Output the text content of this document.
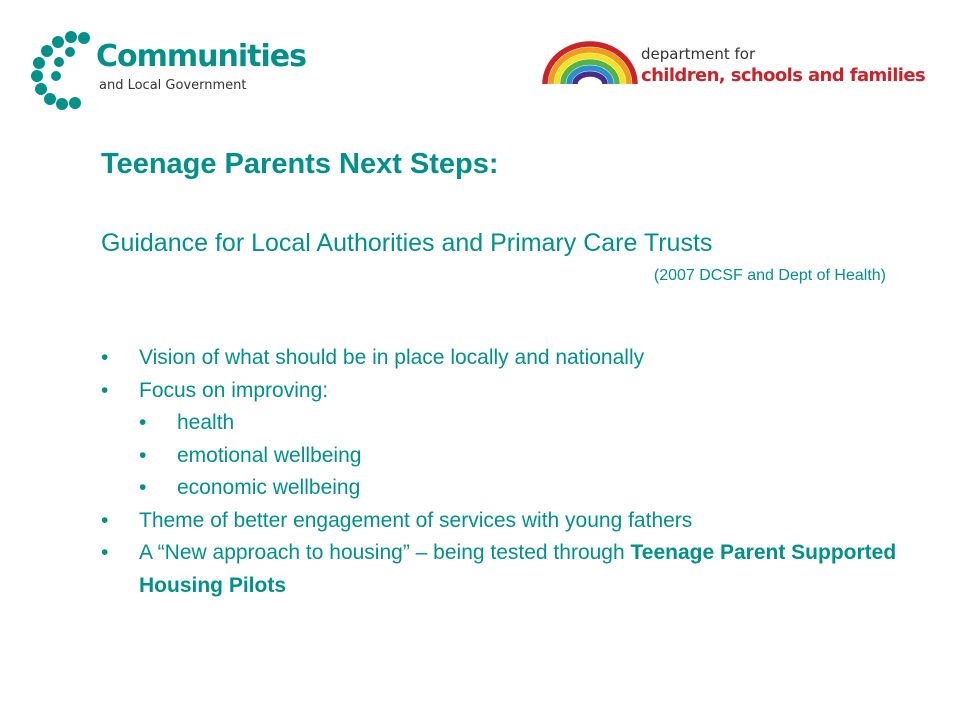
Communities
and Local Government
department for
children, schools and families
Teenage Parents Next Steps:

Guidance for Local Authorities and Primary Care Trusts

(2007 DCSF and Dept of Health)

• Vision of what should be in place locally and nationally
• Focus on improving:
• health
• emotional wellbeing
• economic wellbeing
• Theme of better engagement of services with young fathers
• A “New approach to housing” – being tested through Teenage Parent Supported Housing Pilots
